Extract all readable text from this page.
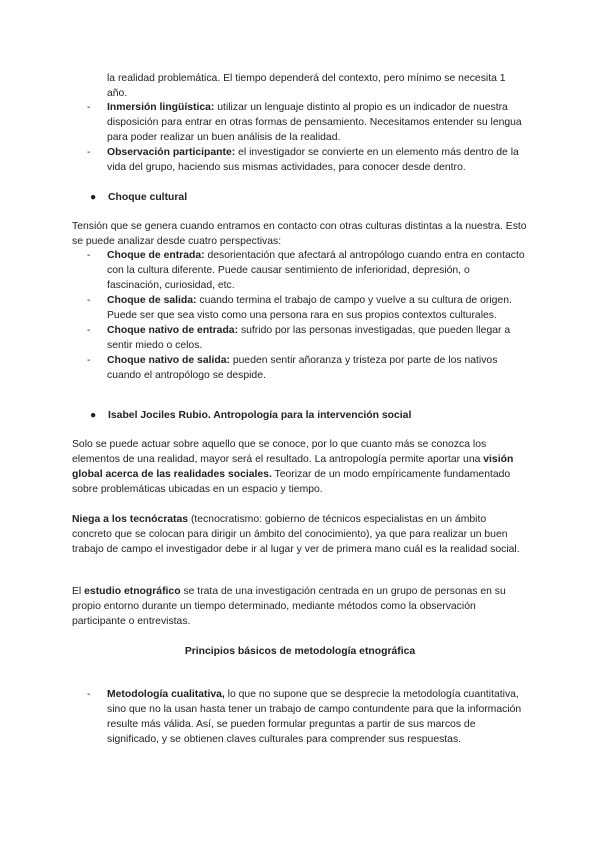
la realidad problemática. El tiempo dependerá del contexto, pero mínimo se necesita 1 año.

- Inmersión lingüística: utilizar un lenguaje distinto al propio es un indicador de nuestra disposición para entrar en otras formas de pensamiento. Necesitamos entender su lengua para poder realizar un buen análisis de la realidad.
- Observación participante: el investigador se convierte en un elemento más dentro de la vida del grupo, haciendo sus mismas actividades, para conocer desde dentro.

● Choque cultural

Tensión que se genera cuando entramos en contacto con otras culturas distintas a la nuestra. Esto se puede analizar desde cuatro perspectivas:

- Choque de entrada: desorientación que afectará al antropólogo cuando entra en contacto con la cultura diferente. Puede causar sentimiento de inferioridad, depresión, o fascinación, curiosidad, etc.
- Choque de salida: cuando termina el trabajo de campo y vuelve a su cultura de origen. Puede ser que sea visto como una persona rara en sus propios contextos culturales.
- Choque nativo de entrada: sufrido por las personas investigadas, que pueden llegar a sentir miedo o celos.
- Choque nativo de salida: pueden sentir añoranza y tristeza por parte de los nativos cuando el antropólogo se despide.

● Isabel Jociles Rubio. Antropología para la intervención social

Solo se puede actuar sobre aquello que se conoce, por lo que cuanto más se conozca los elementos de una realidad, mayor será el resultado. La antropología permite aportar una visión global acerca de las realidades sociales. Teorizar de un modo empíricamente fundamentado sobre problemáticas ubicadas en un espacio y tiempo.

Niega a los tecnócratas (tecnocratismo: gobierno de técnicos especialistas en un ámbito concreto que se colocan para dirigir un ámbito del conocimiento), ya que para realizar un buen trabajo de campo el investigador debe ir al lugar y ver de primera mano cuál es la realidad social.

El estudio etnográfico se trata de una investigación centrada en un grupo de personas en su propio entorno durante un tiempo determinado, mediante métodos como la observación participante o entrevistas.

Principios básicos de metodología etnográfica

- Metodología cualitativa, lo que no supone que se desprecie la metodología cuantitativa, sino que no la usan hasta tener un trabajo de campo contundente para que la información resulte más válida. Así, se pueden formular preguntas a partir de sus marcos de significado, y se obtienen claves culturales para comprender sus respuestas.
